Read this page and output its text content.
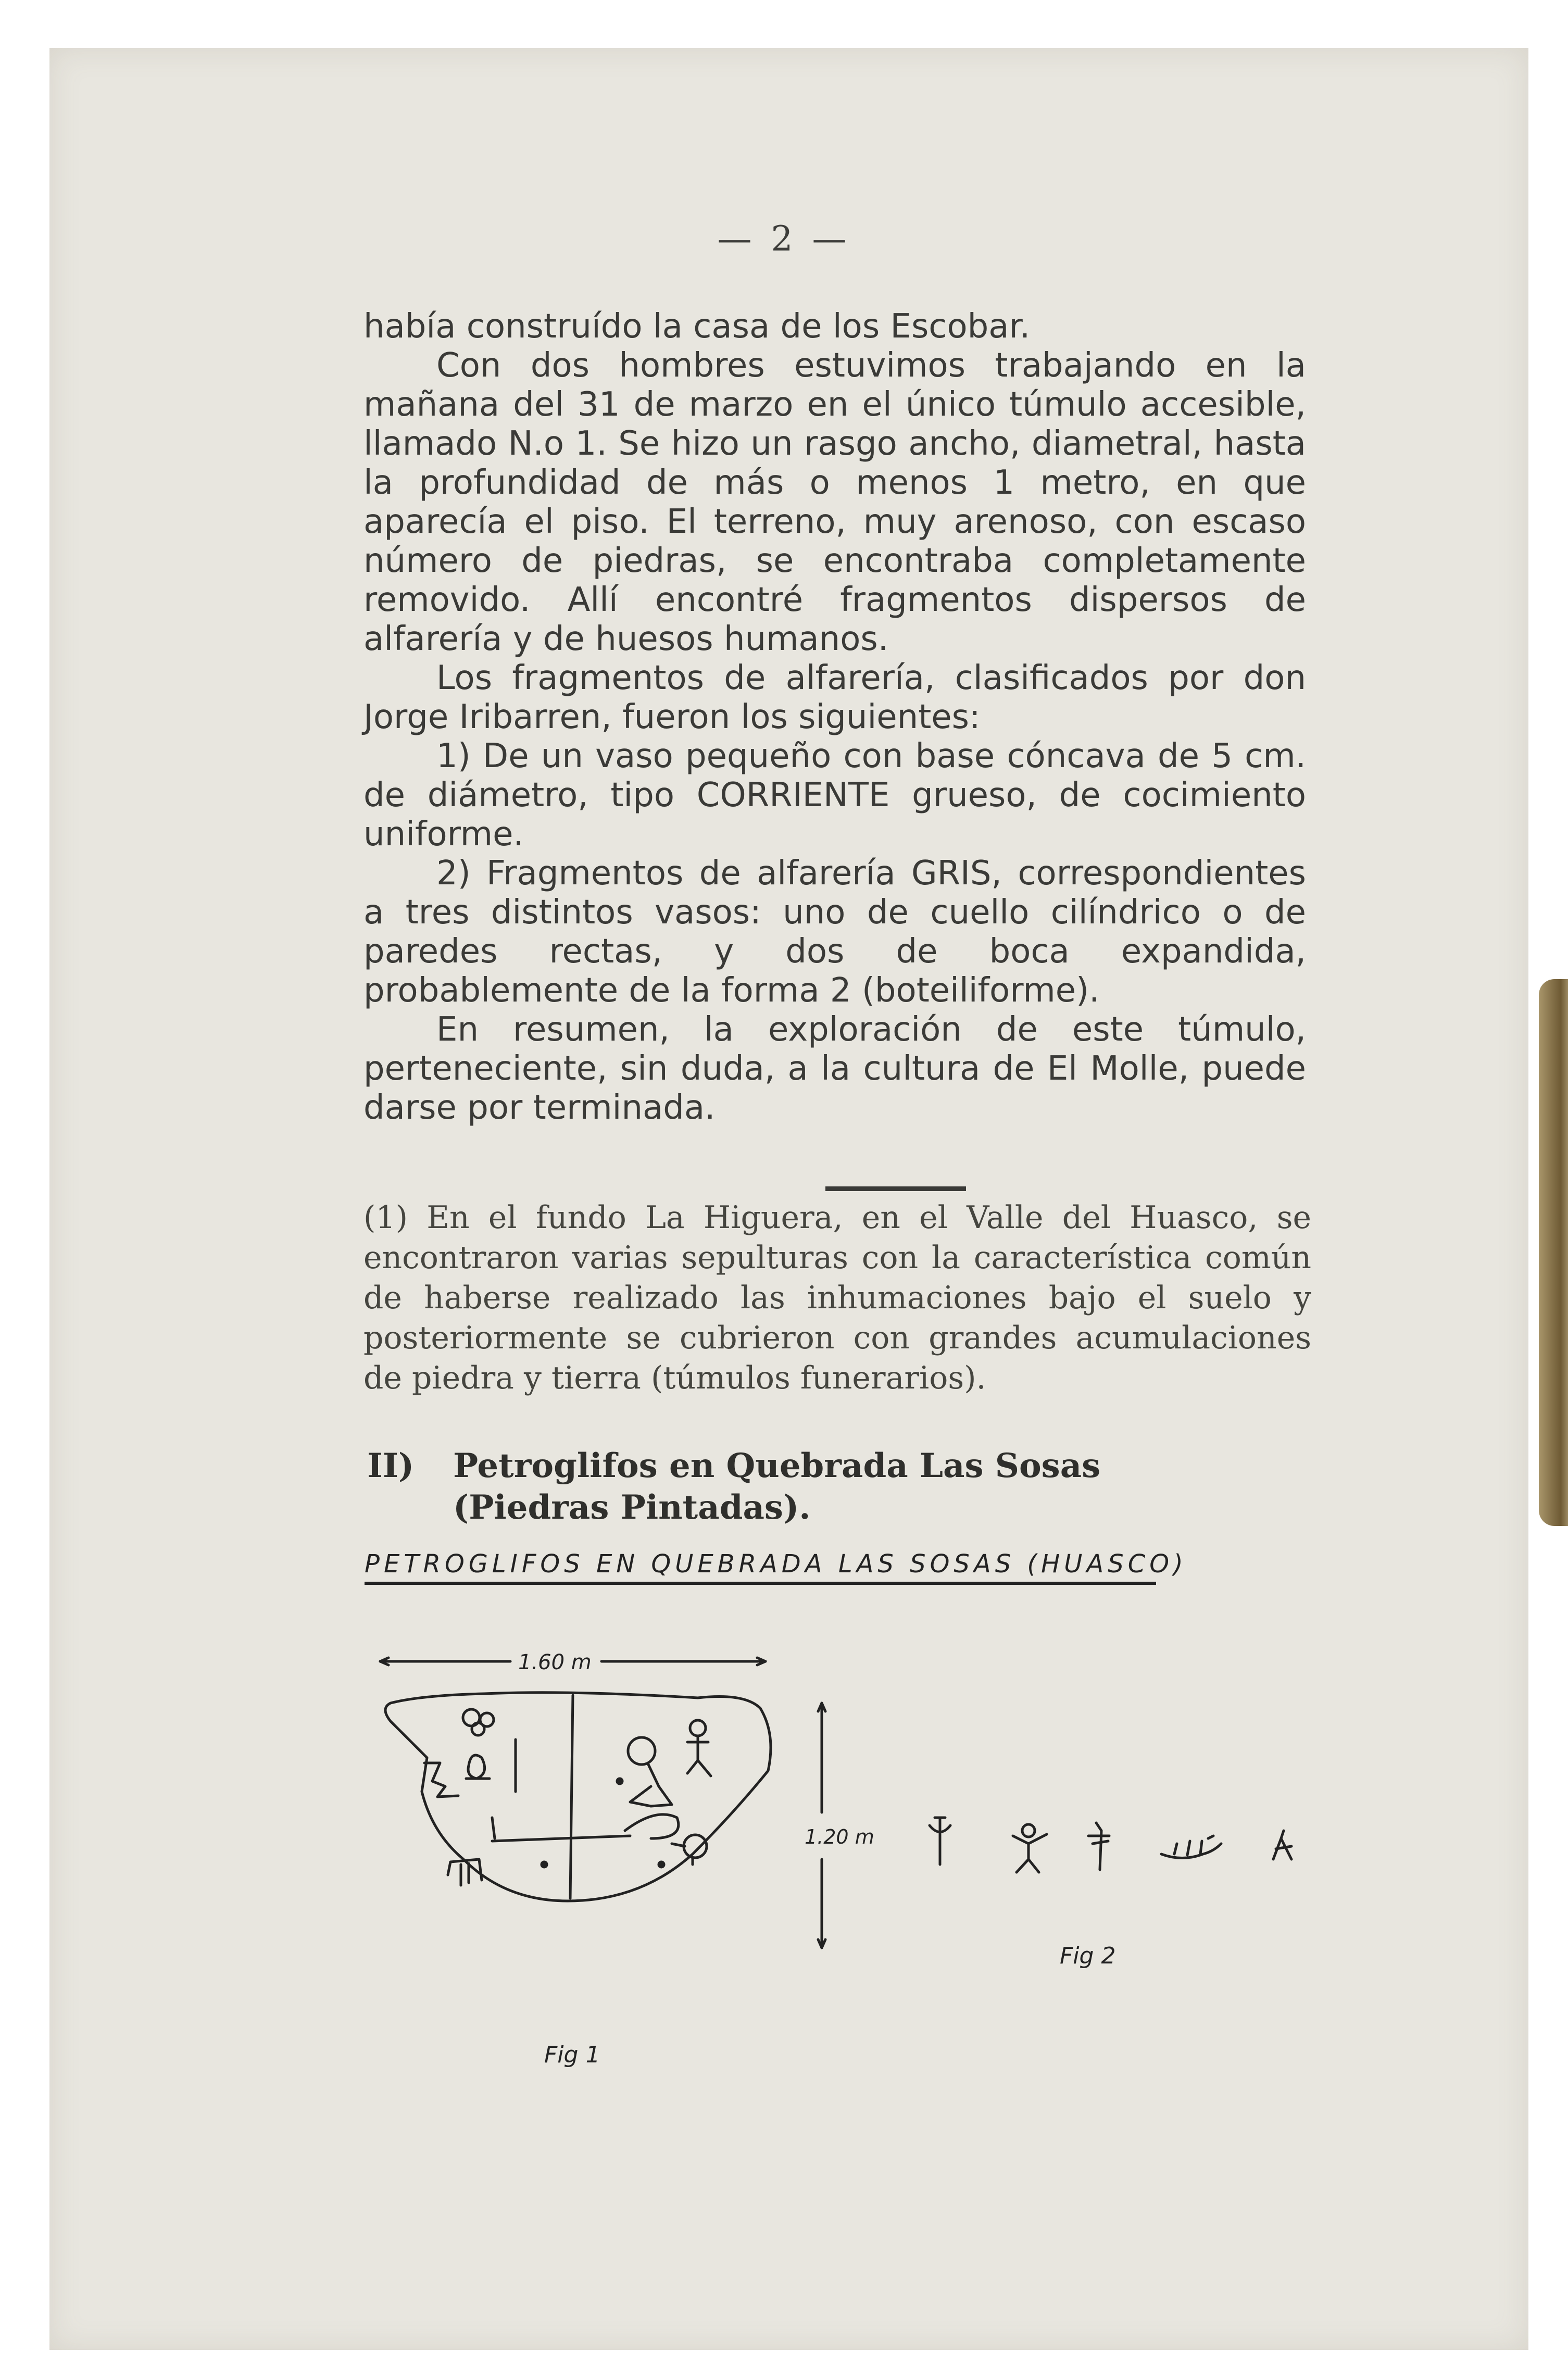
— 2 —

había construído la casa de los Escobar.

Con dos hombres estuvimos trabajando en la mañana del 31 de marzo en el único túmulo accesible, llamado N.o 1. Se hizo un rasgo ancho, diametral, hasta la profundidad de más o menos 1 metro, en que aparecía el piso. El terreno, muy arenoso, con escaso número de piedras, se encontraba completamente removido. Allí encontré fragmentos dispersos de alfarería y de huesos humanos.

Los fragmentos de alfarería, clasificados por don Jorge Iribarren, fueron los siguientes:

1) De un vaso pequeño con base cóncava de 5 cm. de diámetro, tipo CORRIENTE grueso, de cocimiento uniforme.

2) Fragmentos de alfarería GRIS, correspondientes a tres distintos vasos: uno de cuello cilíndrico o de paredes rectas, y dos de boca expandida, probablemente de la forma 2 (boteiliforme).

En resumen, la exploración de este túmulo, perteneciente, sin duda, a la cultura de El Molle, puede darse por terminada.

(1) En el fundo La Higuera, en el Valle del Huasco, se encontraron varias sepulturas con la característica común de haberse realizado las inhumaciones bajo el suelo y posteriormente se cubrieron con grandes acumulaciones de piedra y tierra (túmulos funerarios).
II) Petroglifos en Quebrada Las Sosas
(Piedras Pintadas).
PETROGLIFOS EN QUEBRADA LAS SOSAS (HUASCO)
1.60 m
1.20 m
Fig 2
Fig 1
